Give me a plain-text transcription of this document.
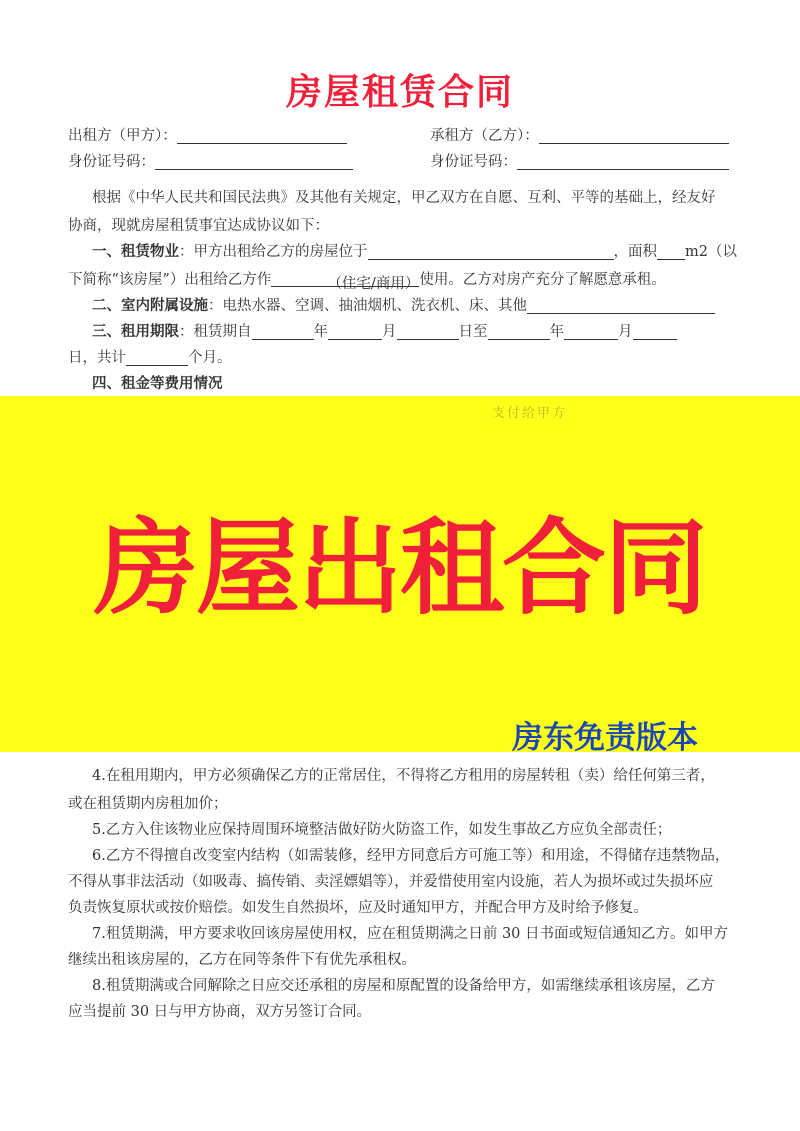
房屋租赁合同
出租方（甲方）：	承租方（乙方）：
身份证号码：	身份证号码：
根据《中华人民共和国民法典》及其他有关规定，甲乙双方在自愿、互利、平等的基础上，经友好
协商，现就房屋租赁事宜达成协议如下：
一、租赁物业：甲方出租给乙方的房屋位于	，面积 m2（以
下简称“该房屋”）出租给乙方作	（住宅/商用）使用。乙方对房产充分了解愿意承租。
二、室内附属设施：电热水器、空调、抽油烟机、洗衣机、床、其他
三、租用期限：租赁期自	年	月	日至	年	月
日，共计	个月。
四、租金等费用情况
支付给甲方
房屋出租合同
房东免责版本
4.在租用期内，甲方必须确保乙方的正常居住，不得将乙方租用的房屋转租（卖）给任何第三者，
或在租赁期内房租加价；
5.乙方入住该物业应保持周围环境整洁做好防火防盗工作，如发生事故乙方应负全部责任；
6.乙方不得擅自改变室内结构（如需装修，经甲方同意后方可施工等）和用途，不得储存违禁物品，
不得从事非法活动（如吸毒、搞传销、卖淫嫖娼等），并爱惜使用室内设施，若人为损坏或过失损坏应
负责恢复原状或按价赔偿。如发生自然损坏，应及时通知甲方，并配合甲方及时给予修复。
7.租赁期满，甲方要求收回该房屋使用权，应在租赁期满之日前 30 日书面或短信通知乙方。如甲方
继续出租该房屋的，乙方在同等条件下有优先承租权。
8.租赁期满或合同解除之日应交还承租的房屋和原配置的设备给甲方，如需继续承租该房屋，乙方
应当提前 30 日与甲方协商，双方另签订合同。
